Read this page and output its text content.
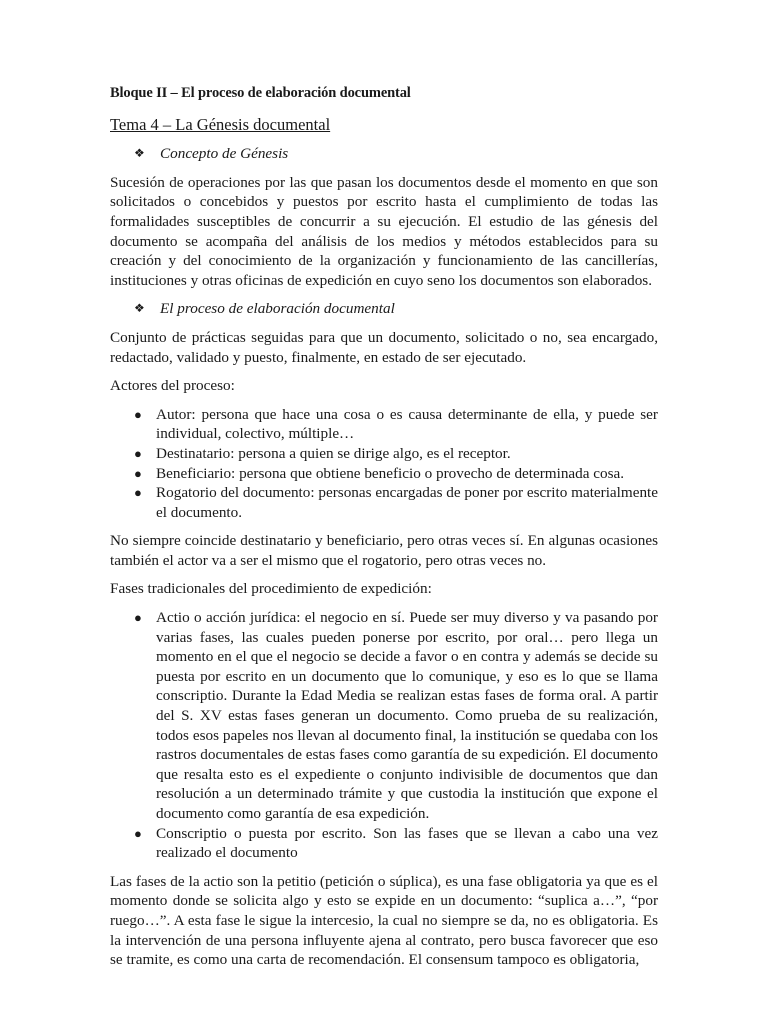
Bloque II – El proceso de elaboración documental

Tema 4 – La Génesis documental

❖	Concepto de Génesis

Sucesión de operaciones por las que pasan los documentos desde el momento en que son solicitados o concebidos y puestos por escrito hasta el cumplimiento de todas las formalidades susceptibles de concurrir a su ejecución. El estudio de las génesis del documento se acompaña del análisis de los medios y métodos establecidos para su creación y del conocimiento de la organización y funcionamiento de las cancillerías, instituciones y otras oficinas de expedición en cuyo seno los documentos son elaborados.

❖	El proceso de elaboración documental

Conjunto de prácticas seguidas para que un documento, solicitado o no, sea encargado, redactado, validado y puesto, finalmente, en estado de ser ejecutado.

Actores del proceso:

● Autor: persona que hace una cosa o es causa determinante de ella, y puede ser individual, colectivo, múltiple…
● Destinatario: persona a quien se dirige algo, es el receptor.
● Beneficiario: persona que obtiene beneficio o provecho de determinada cosa.
● Rogatorio del documento: personas encargadas de poner por escrito materialmente el documento.

No siempre coincide destinatario y beneficiario, pero otras veces sí. En algunas ocasiones también el actor va a ser el mismo que el rogatorio, pero otras veces no.

Fases tradicionales del procedimiento de expedición:

● Actio o acción jurídica: el negocio en sí. Puede ser muy diverso y va pasando por varias fases, las cuales pueden ponerse por escrito, por oral… pero llega un momento en el que el negocio se decide a favor o en contra y además se decide su puesta por escrito en un documento que lo comunique, y eso es lo que se llama conscriptio. Durante la Edad Media se realizan estas fases de forma oral. A partir del S. XV estas fases generan un documento. Como prueba de su realización, todos esos papeles nos llevan al documento final, la institución se quedaba con los rastros documentales de estas fases como garantía de su expedición. El documento que resalta esto es el expediente o conjunto indivisible de documentos que dan resolución a un determinado trámite y que custodia la institución que expone el documento como garantía de esa expedición.
● Conscriptio o puesta por escrito. Son las fases que se llevan a cabo una vez realizado el documento

Las fases de la actio son la petitio (petición o súplica), es una fase obligatoria ya que es el momento donde se solicita algo y esto se expide en un documento: “suplica a…”, “por ruego…”. A esta fase le sigue la intercesio, la cual no siempre se da, no es obligatoria. Es la intervención de una persona influyente ajena al contrato, pero busca favorecer que eso se tramite, es como una carta de recomendación. El consensum tampoco es obligatoria,
